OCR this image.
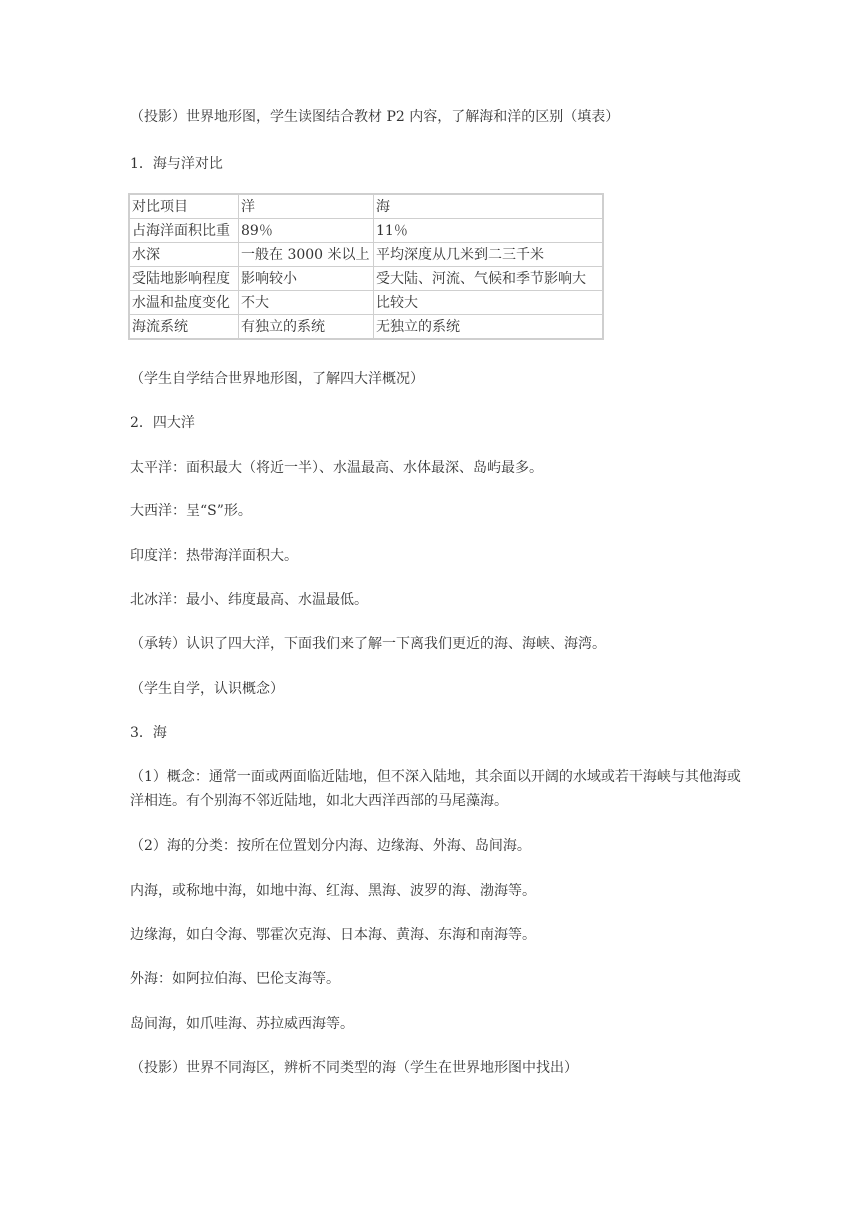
（投影）世界地形图，学生读图结合教材 P2 内容，了解海和洋的区别（填表）
1．海与洋对比
对比项目	洋	海
占海洋面积比重	89％	11％
水深	一般在 3000 米以上	平均深度从几米到二三千米
受陆地影响程度	影响较小	受大陆、河流、气候和季节影响大
水温和盐度变化	不大	比较大
海流系统	有独立的系统	无独立的系统
（学生自学结合世界地形图，了解四大洋概况）
2．四大洋
太平洋：面积最大（将近一半）、水温最高、水体最深、岛屿最多。
大西洋：呈“S”形。
印度洋：热带海洋面积大。
北冰洋：最小、纬度最高、水温最低。
（承转）认识了四大洋，下面我们来了解一下离我们更近的海、海峡、海湾。
（学生自学，认识概念）
3．海
（1）概念：通常一面或两面临近陆地，但不深入陆地，其余面以开阔的水域或若干海峡与其他海或洋相连。有个别海不邻近陆地，如北大西洋西部的马尾藻海。
（2）海的分类：按所在位置划分内海、边缘海、外海、岛间海。
内海，或称地中海，如地中海、红海、黑海、波罗的海、渤海等。
边缘海，如白令海、鄂霍次克海、日本海、黄海、东海和南海等。
外海：如阿拉伯海、巴伦支海等。
岛间海，如爪哇海、苏拉威西海等。
（投影）世界不同海区，辨析不同类型的海（学生在世界地形图中找出）
